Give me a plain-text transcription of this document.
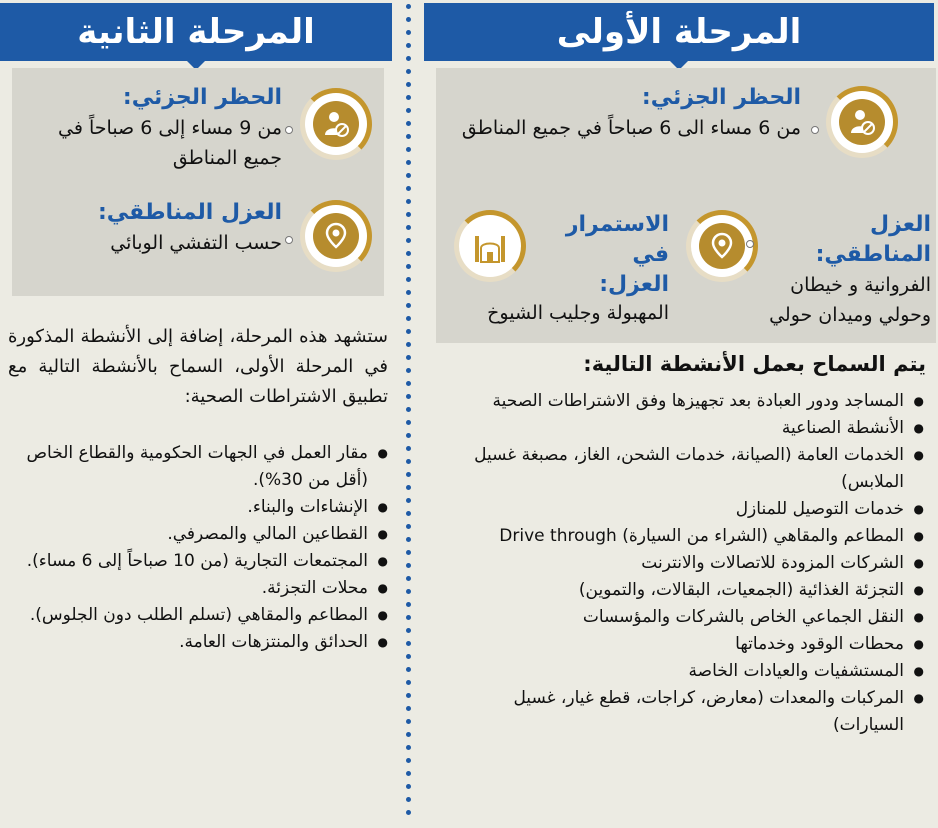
المرحلة الأولى
الحظر الجزئي:
من 6 مساء الى 6 صباحاً في جميع المناطق
العزل المناطقي:
الفروانية و خيطان وحولي وميدان حولي
الاستمرار في العزل:
المهبولة وجليب الشيوخ
يتم السماح بعمل الأنشطة التالية:
● المساجد ودور العبادة بعد تجهيزها وفق الاشتراطات الصحية
● الأنشطة الصناعية
● الخدمات العامة (الصيانة، خدمات الشحن، الغاز، مصبغة غسيل الملابس)
● خدمات التوصيل للمنازل
● المطاعم والمقاهي (الشراء من السيارة) Drive through
● الشركات المزودة للاتصالات والانترنت
● التجزئة الغذائية (الجمعيات، البقالات، والتموين)
● النقل الجماعي الخاص بالشركات والمؤسسات
● محطات الوقود وخدماتها
● المستشفيات والعيادات الخاصة
● المركبات والمعدات (معارض، كراجات، قطع غيار، غسيل السيارات)
المرحلة الثانية
الحظر الجزئي:
من 9 مساء إلى 6 صباحاً في جميع المناطق
العزل المناطقي:
حسب التفشي الوبائي
ستشهد هذه المرحلة، إضافة إلى الأنشطة المذكورة في المرحلة الأولى، السماح بالأنشطة التالية مع تطبيق الاشتراطات الصحية:
● مقار العمل في الجهات الحكومية والقطاع الخاص (أقل من 30%).
● الإنشاءات والبناء.
● القطاعين المالي والمصرفي.
● المجتمعات التجارية (من 10 صباحاً إلى 6 مساء).
● محلات التجزئة.
● المطاعم والمقاهي (تسلم الطلب دون الجلوس).
● الحدائق والمنتزهات العامة.
